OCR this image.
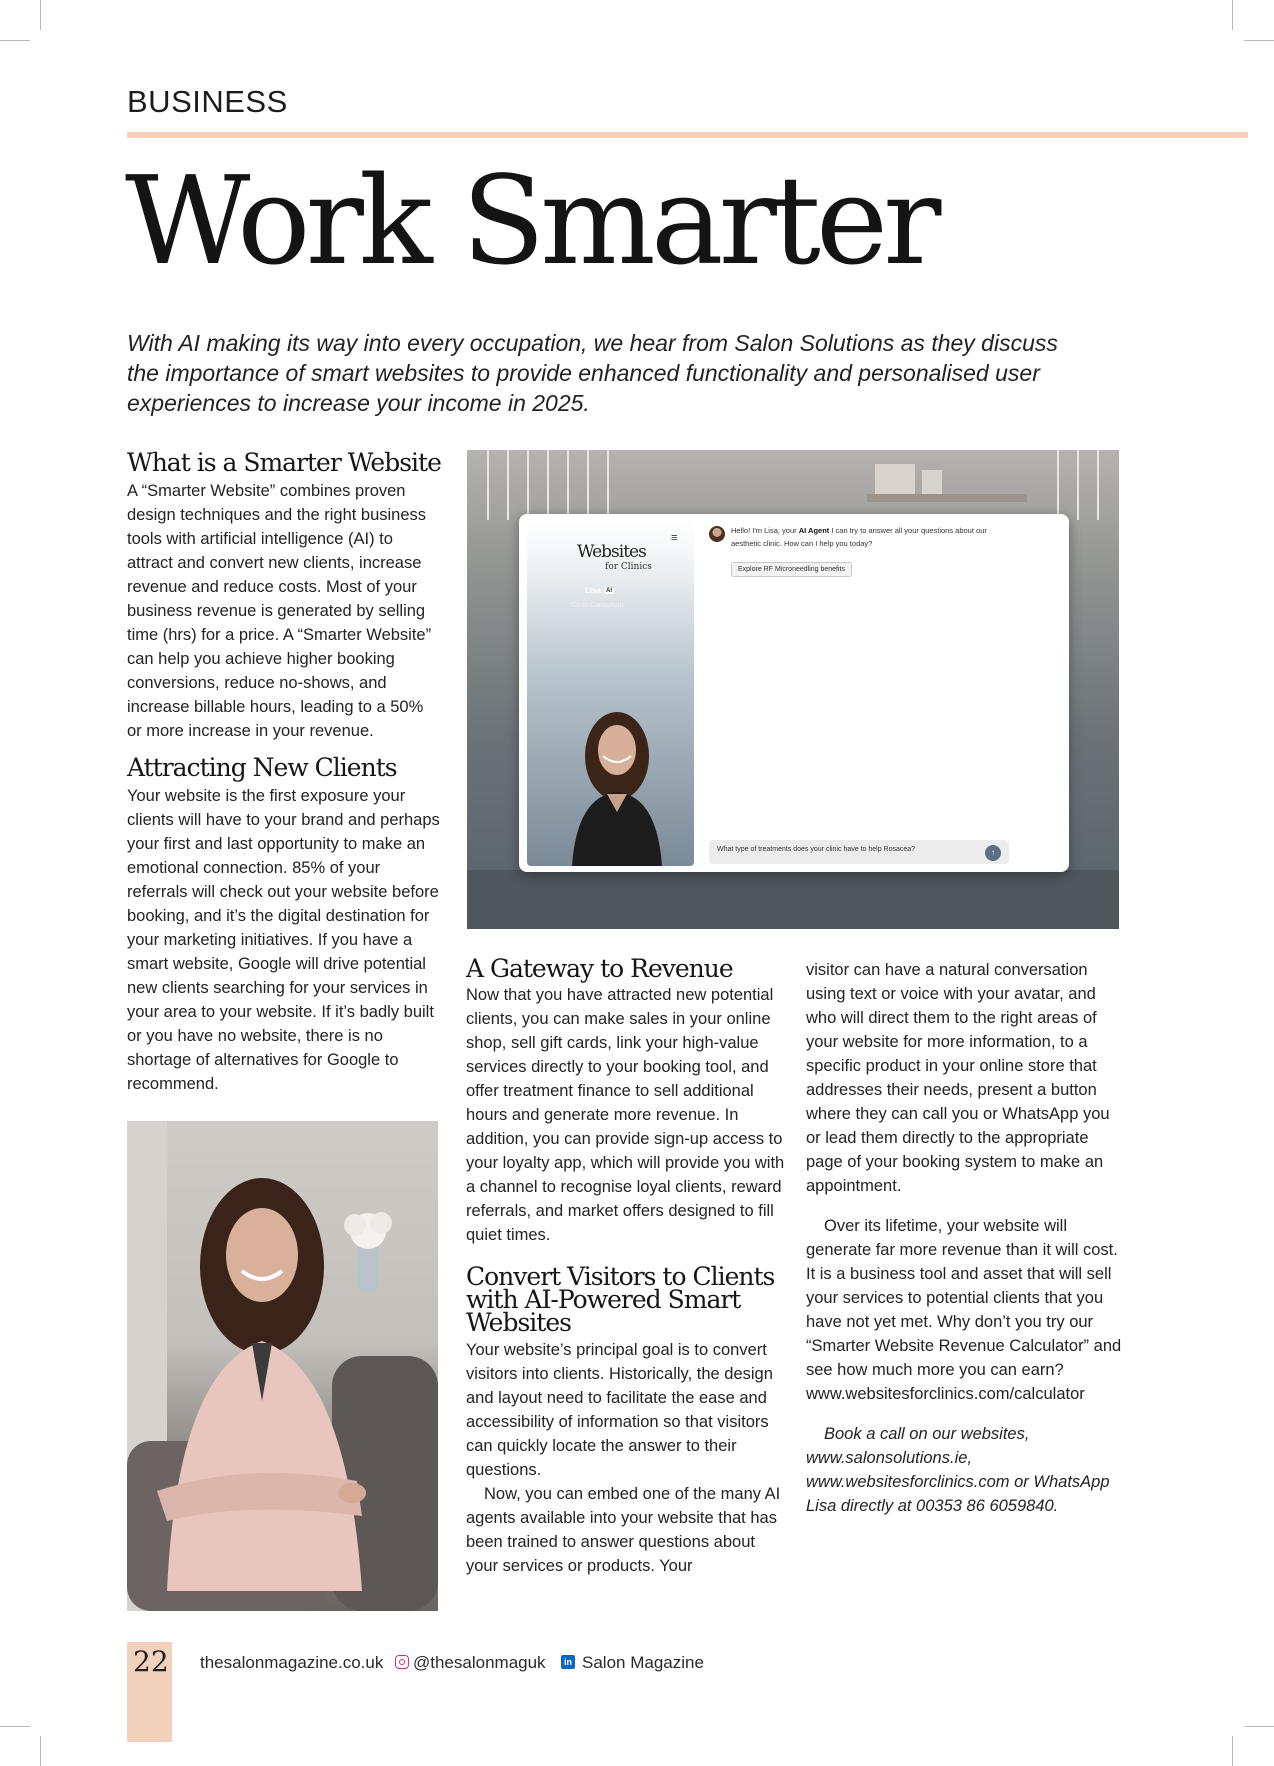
BUSINESS
Work Smarter

With AI making its way into every occupation, we hear from Salon Solutions as they discuss the importance of smart websites to provide enhanced functionality and personalised user experiences to increase your income in 2025.

What is a Smarter Website

A “Smarter Website” combines proven design techniques and the right business tools with artificial intelligence (AI) to attract and convert new clients, increase revenue and reduce costs. Most of your business revenue is generated by selling time (hrs) for a price. A “Smarter Website” can help you achieve higher booking conversions, reduce no-shows, and increase billable hours, leading to a 50% or more increase in your revenue.

Attracting New Clients

Your website is the first exposure your clients will have to your brand and perhaps your first and last opportunity to make an emotional connection. 85% of your referrals will check out your website before booking, and it’s the digital destination for your marketing initiatives. If you have a smart website, Google will drive potential new clients searching for your services in your area to your website. If it’s badly built or you have no website, there is no shortage of alternatives for Google to recommend.

Websites

for Clinics

≡

Lisa AI

Clinic Consultant

Hello! I'm Lisa, your AI Agent I can try to answer all your questions about our aesthetic clinic. How can I help you today?

Explore RF Microneedling benefits

What type of treatments does your clinic have to help Rosacea?	↑
A Gateway to Revenue

Now that you have attracted new potential clients, you can make sales in your online shop, sell gift cards, link your high-value services directly to your booking tool, and offer treatment finance to sell additional hours and generate more revenue. In addition, you can provide sign-up access to your loyalty app, which will provide you with a channel to recognise loyal clients, reward referrals, and market offers designed to fill quiet times.

Convert Visitors to Clients with AI-Powered Smart Websites

Your website’s principal goal is to convert visitors into clients. Historically, the design and layout need to facilitate the ease and accessibility of information so that visitors can quickly locate the answer to their questions.

Now, you can embed one of the many AI agents available into your website that has been trained to answer questions about your services or products. Your

visitor can have a natural conversation using text or voice with your avatar, and who will direct them to the right areas of your website for more information, to a specific product in your online store that addresses their needs, present a button where they can call you or WhatsApp you or lead them directly to the appropriate page of your booking system to make an appointment.

Over its lifetime, your website will generate far more revenue than it will cost. It is a business tool and asset that will sell your services to potential clients that you have not yet met. Why don’t you try our “Smarter Website Revenue Calculator” and see how much more you can earn?

www.websitesforclinics.com/calculator

Book a call on our websites, www.salonsolutions.ie, www.websitesforclinics.com or WhatsApp Lisa directly at 00353 86 6059840.

22 thesalonmagazine.co.uk @thesalonmaguk	in Salon Magazine
